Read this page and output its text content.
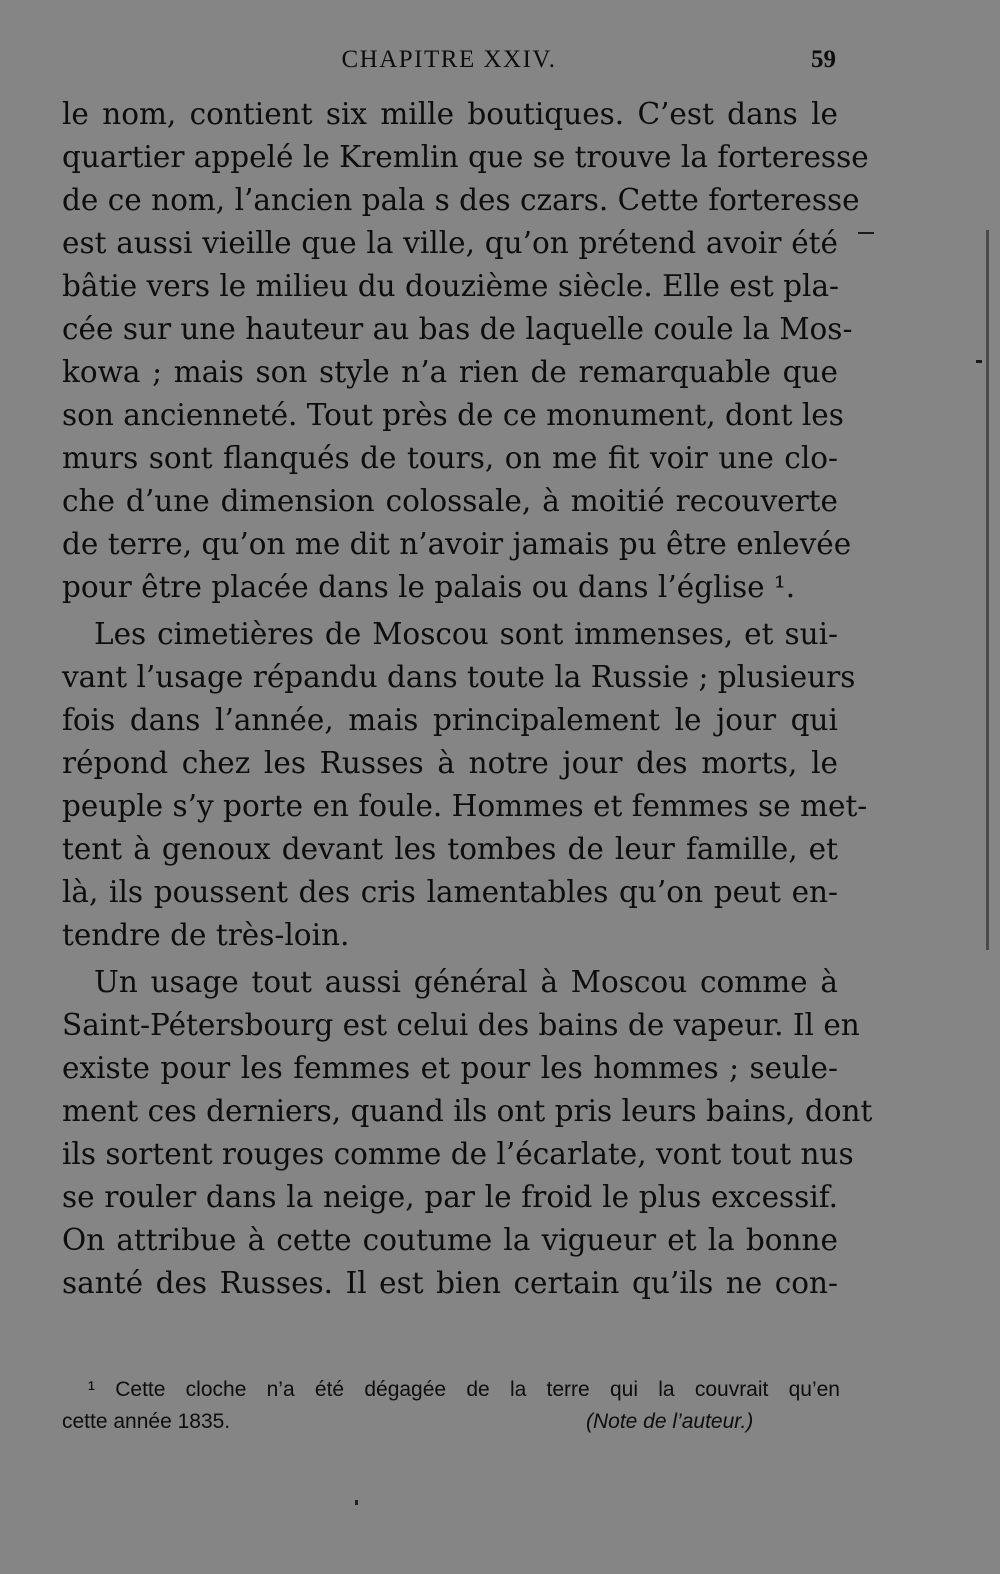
CHAPITRE XXIV.	59
le nom, contient six mille boutiques. C’est dans le
quartier appelé le Kremlin que se trouve la forteresse
de ce nom, l’ancien pala s des czars. Cette forteresse
est aussi vieille que la ville, qu’on prétend avoir été
bâtie vers le milieu du douzième siècle. Elle est pla-
cée sur une hauteur au bas de laquelle coule la Mos-
kowa ; mais son style n’a rien de remarquable que
son ancienneté. Tout près de ce monument, dont les
murs sont flanqués de tours, on me fit voir une clo-
che d’une dimension colossale, à moitié recouverte
de terre, qu’on me dit n’avoir jamais pu être enlevée
pour être placée dans le palais ou dans l’église ¹.
Les cimetières de Moscou sont immenses, et sui-
vant l’usage répandu dans toute la Russie ; plusieurs
fois dans l’année, mais principalement le jour qui
répond chez les Russes à notre jour des morts, le
peuple s’y porte en foule. Hommes et femmes se met-
tent à genoux devant les tombes de leur famille, et
là, ils poussent des cris lamentables qu’on peut en-
tendre de très-loin.
Un usage tout aussi général à Moscou comme à
Saint-Pétersbourg est celui des bains de vapeur. Il en
existe pour les femmes et pour les hommes ; seule-
ment ces derniers, quand ils ont pris leurs bains, dont
ils sortent rouges comme de l’écarlate, vont tout nus
se rouler dans la neige, par le froid le plus excessif.
On attribue à cette coutume la vigueur et la bonne
santé des Russes. Il est bien certain qu’ils ne con-
¹ Cette cloche n’a été dégagée de la terre qui la couvrait qu’en
cette année 1835.	(Note de l’auteur.)
